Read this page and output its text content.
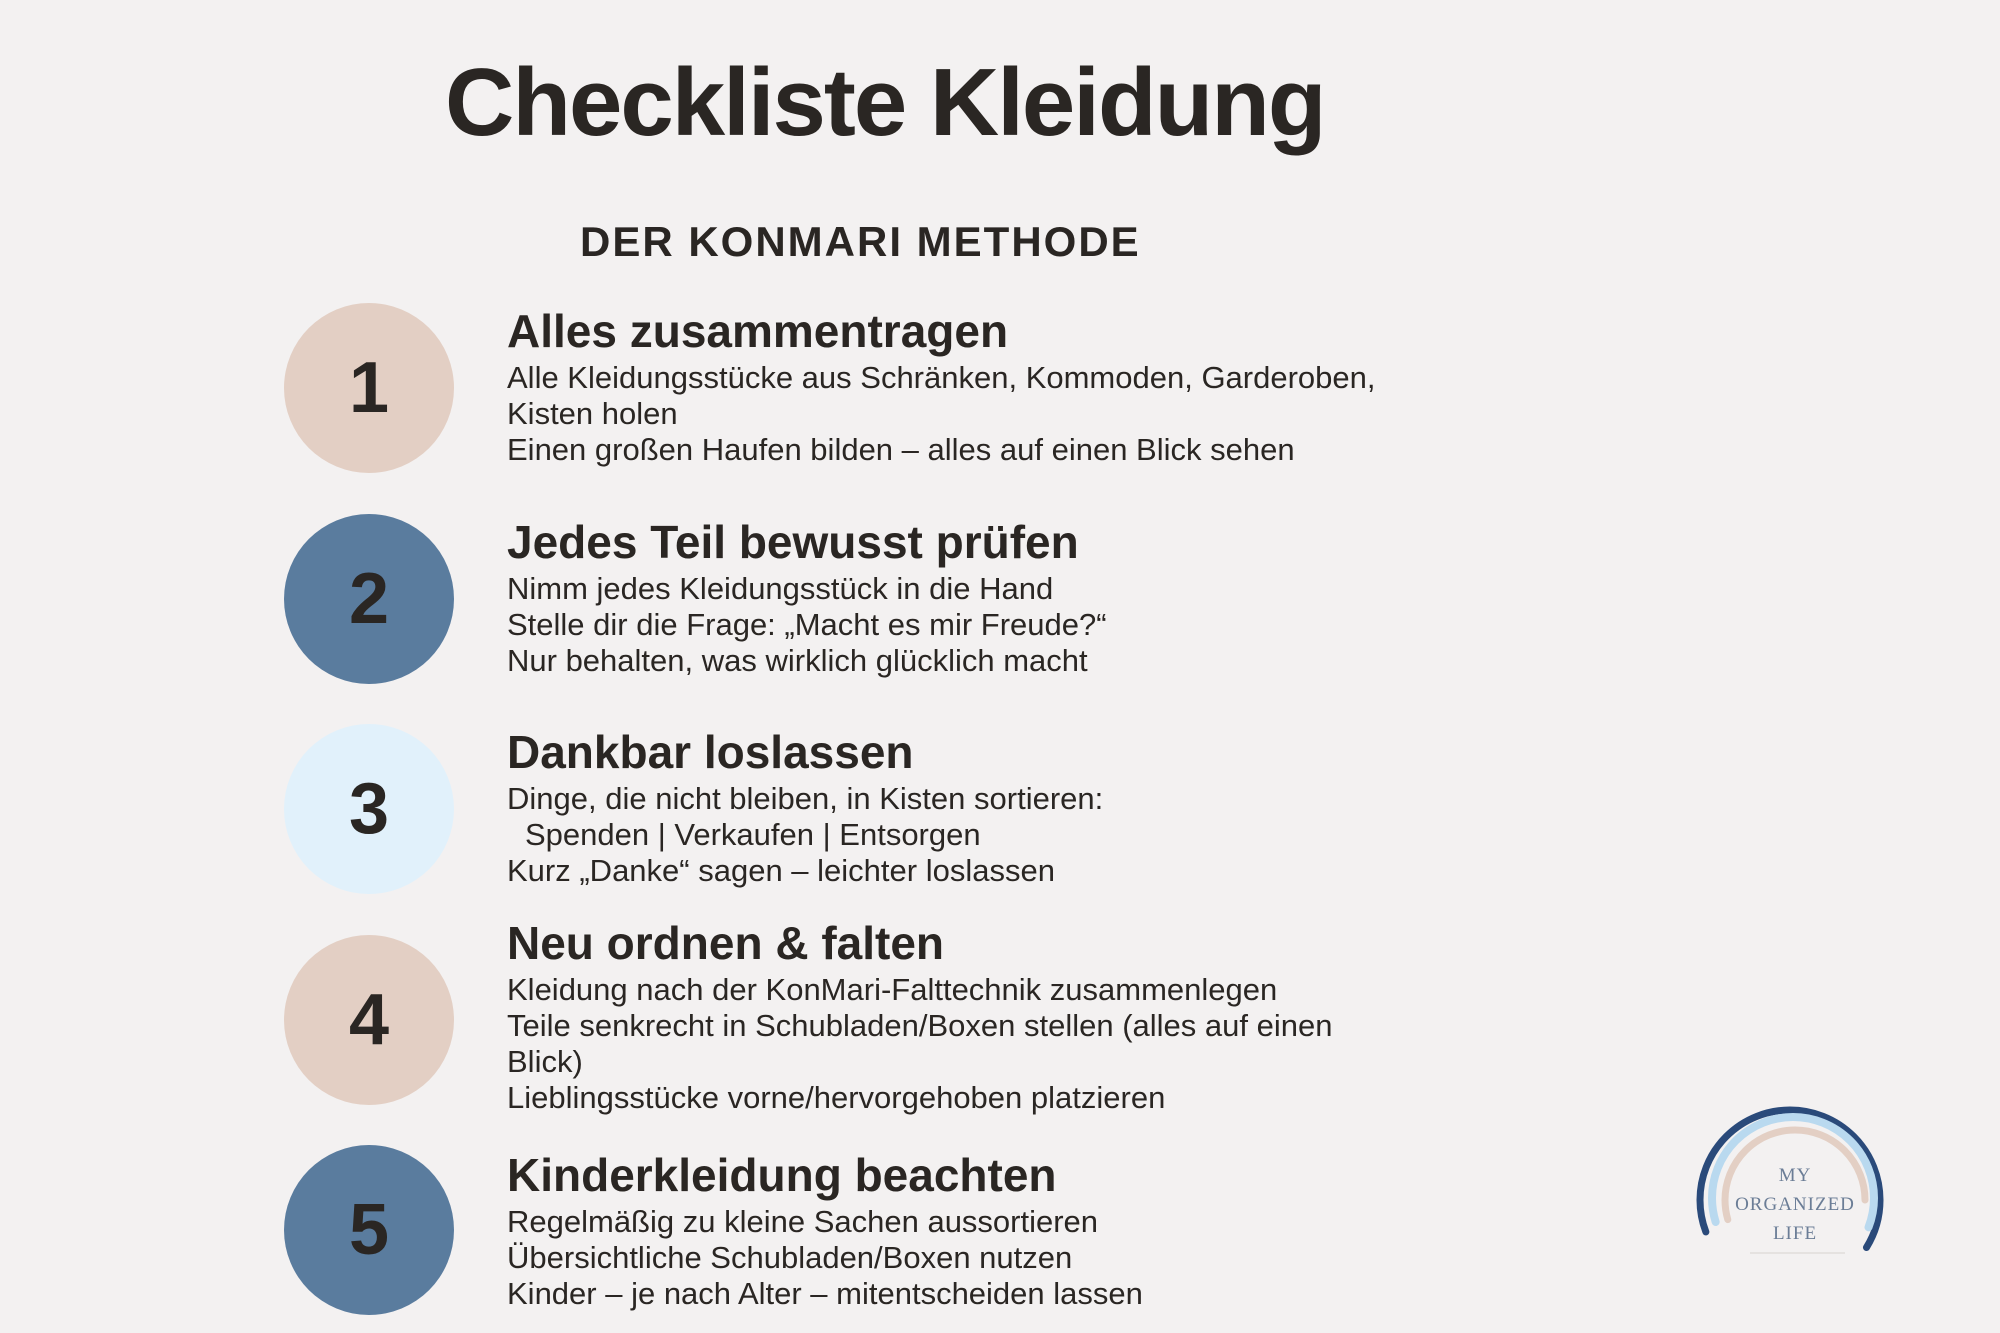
Checkliste Kleidung
DER KONMARI METHODE
1

Alles zusammentragen

Alle Kleidungsstücke aus Schränken, Kommoden, Garderoben,

Kisten holen

Einen großen Haufen bilden – alles auf einen Blick sehen

2

Jedes Teil bewusst prüfen

Nimm jedes Kleidungsstück in die Hand

Stelle dir die Frage: „Macht es mir Freude?“

Nur behalten, was wirklich glücklich macht

3

Dankbar loslassen

Dinge, die nicht bleiben, in Kisten sortieren:

Spenden | Verkaufen | Entsorgen

Kurz „Danke“ sagen – leichter loslassen

4

Neu ordnen & falten

Kleidung nach der KonMari-Falttechnik zusammenlegen

Teile senkrecht in Schubladen/Boxen stellen (alles auf einen

Blick)

Lieblingsstücke vorne/hervorgehoben platzieren

5

Kinderkleidung beachten

Regelmäßig zu kleine Sachen aussortieren

Übersichtliche Schubladen/Boxen nutzen

Kinder – je nach Alter – mitentscheiden lassen

MY
ORGANIZED
LIFE
